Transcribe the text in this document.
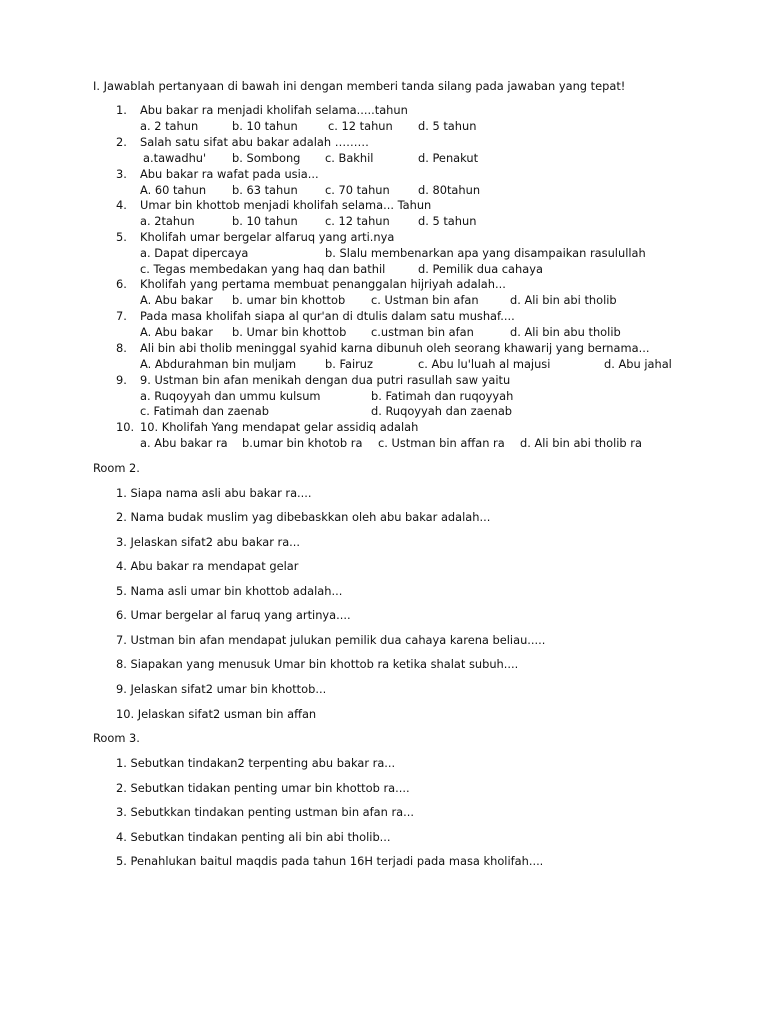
I. Jawablah pertanyaan di bawah ini dengan memberi tanda silang pada jawaban yang tepat!
1. Abu bakar ra menjadi kholifah selama.....tahun
a. 2 tahun	b. 10 tahun	c. 12 tahun d. 5 tahun
2. Salah satu sifat abu bakar adalah ………
a.tawadhu' b. Sombong c. Bakhil	d. Penakut
3. Abu bakar ra wafat pada usia...
A. 60 tahun b. 63 tahun c. 70 tahun d. 80tahun
4. Umar bin khottob menjadi kholifah selama... Tahun
a. 2tahun	b. 10 tahun c. 12 tahun d. 5 tahun
5. Kholifah umar bergelar alfaruq yang arti.nya
a. Dapat dipercaya	b. Slalu membenarkan apa yang disampaikan rasulullah
c. Tegas membedakan yang haq dan bathil	d. Pemilik dua cahaya
6. Kholifah yang pertama membuat penanggalan hijriyah adalah...
A. Abu bakar b. umar bin khottob c. Ustman bin afan	d. Ali bin abi tholib
7. Pada masa kholifah siapa al qur'an di dtulis dalam satu mushaf....
A. Abu bakar b. Umar bin khottob c.ustman bin afan	d. Ali bin abu tholib
8. Ali bin abi tholib meninggal syahid karna dibunuh oleh seorang khawarij yang bernama...
A. Abdurahman bin muljam	b. Fairuz	c. Abu lu'luah al majusi	d. Abu jahal
9. 9. Ustman bin afan menikah dengan dua putri rasullah saw yaitu
a. Ruqoyyah dan ummu kulsum	b. Fatimah dan ruqoyyah
c. Fatimah dan zaenab	d. Ruqoyyah dan zaenab
10. 10. Kholifah Yang mendapat gelar assidiq adalah
a. Abu bakar ra b.umar bin khotob ra c. Ustman bin affan ra d. Ali bin abi tholib ra
Room 2.
1. Siapa nama asli abu bakar ra....
2. Nama budak muslim yag dibebaskkan oleh abu bakar adalah...
3. Jelaskan sifat2 abu bakar ra...
4. Abu bakar ra mendapat gelar
5. Nama asli umar bin khottob adalah...
6. Umar bergelar al faruq yang artinya....
7. Ustman bin afan mendapat julukan pemilik dua cahaya karena beliau.....
8. Siapakan yang menusuk Umar bin khottob ra ketika shalat subuh....
9. Jelaskan sifat2 umar bin khottob...
10. Jelaskan sifat2 usman bin affan
Room 3.
1. Sebutkan tindakan2 terpenting abu bakar ra...
2. Sebutkan tidakan penting umar bin khottob ra....
3. Sebutkkan tindakan penting ustman bin afan ra...
4. Sebutkan tindakan penting ali bin abi tholib...
5. Penahlukan baitul maqdis pada tahun 16H terjadi pada masa kholifah....
